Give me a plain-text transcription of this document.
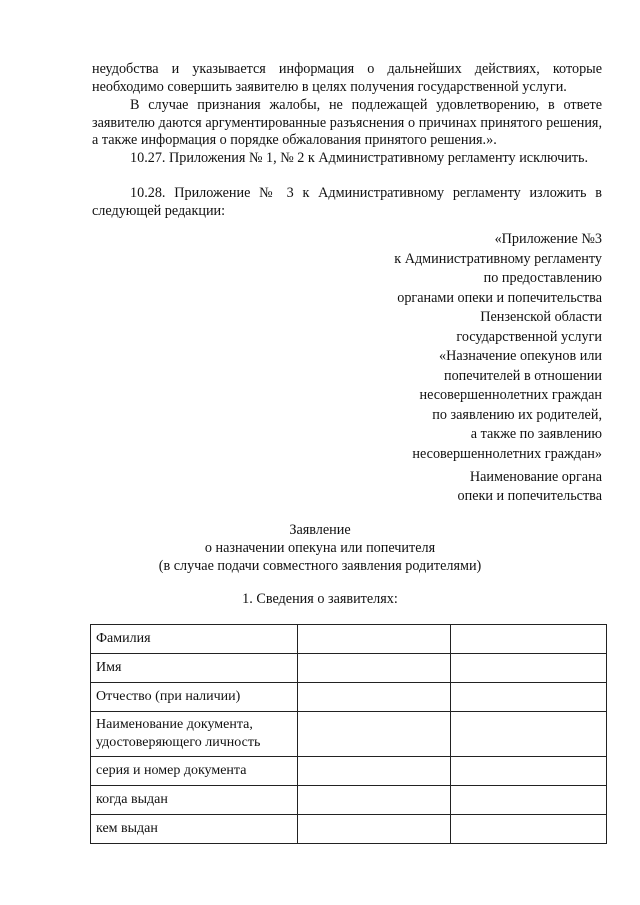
неудобства и указывается информация о дальнейших действиях, которые необходимо совершить заявителю в целях получения государственной услуги.

В случае признания жалобы, не подлежащей удовлетворению, в ответе заявителю даются аргументированные разъяснения о причинах принятого решения, а также информация о порядке обжалования принятого решения.».

10.27. Приложения № 1, № 2 к Административному регламенту исключить.

10.28. Приложение № 3 к Административному регламенту изложить в следующей редакции:

«Приложение №3
к Административному регламенту
по предоставлению
органами опеки и попечительства
Пензенской области
государственной услуги
«Назначение опекунов или
попечителей в отношении
несовершеннолетних граждан
по заявлению их родителей,
а также по заявлению
несовершеннолетних граждан»
Наименование органа
опеки и попечительства
Заявление
о назначении опекуна или попечителя
(в случае подачи совместного заявления родителями)
1. Сведения о заявителях:
Фамилия		
Имя		
Отчество (при наличии)		
Наименование документа, удостоверяющего личность		
серия и номер документа		
когда выдан		
кем выдан		
